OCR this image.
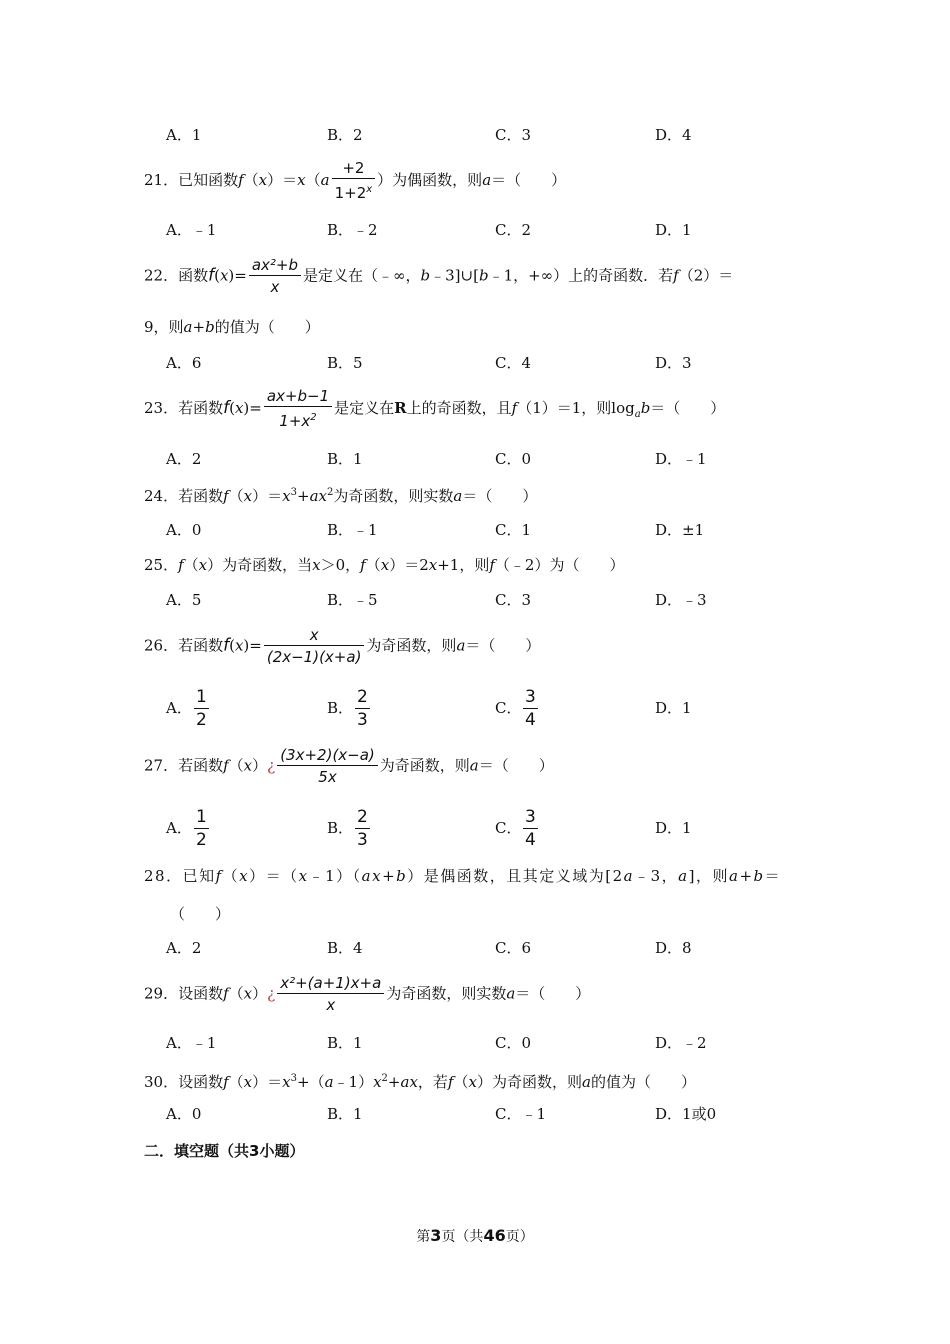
A．1	B．2	C．3	D．4
21．已知函数$f(x)=x(a \frac{+2}{1+2^x}$ ）为偶函数，则a＝（　　）
A．﹣1	B．﹣2	C．2	D．1
22．函数$f(x)= \frac{\text{ax²+b}}{x}$ 是定义在（﹣∞，b﹣3]∪[b﹣1，+∞）上的奇函数．若f（2）＝
9，则a+b的值为（　　）
A．6	B．5	C．4	D．3
23．若函数$f(x)= \frac{ax+b-1}{1+x^2}$ 是定义在R上的奇函数，且f（1）＝1，则$\log_ab=$（　　）
A．2	B．1	C．0	D．﹣1
24．若函数$f(x)=x^3+ax^2$为奇函数，则实数a＝（　　）
A．0	B．﹣1	C．1	D．±1
25．f（x）为奇函数，当x＞0，f（x）＝2x+1，则f（﹣2）为（　　）
A．5	B．﹣5	C．3	D．﹣3
26．若函数$f(x)= \frac{x}{(2x-1)(x+a)}$ 为奇函数，则a＝（　　）
A． $\frac{1}{2}$	B． $\frac{2}{3}$	C． $\frac{3}{4}$	D．1
27．若函数f（x）¿ $\frac{(3x+2)(x-a)}{5x}$ 为奇函数，则a＝（　　）
A． $\frac{1}{2}$	B． $\frac{2}{3}$	C． $\frac{3}{4}$	D．1
28．已知f（x）＝（x﹣1）（ax+b）是偶函数，且其定义域为[2a﹣3，a]，则a+b＝
（　　）
A．2	B．4	C．6	D．8
29．设函数f（x）¿ $\frac{\text{x²+(a+1)x+a}}{x}$ 为奇函数，则实数a＝（　　）
A．﹣1	B．1	C．0	D．﹣2
30．设函数$f(x)=x^3+(a﹣1)x^2+ax$，若f（x）为奇函数，则a的值为（　　）
A．0	B．1	C．﹣1	D．1或0
二．填空题（共3小题）
第3页（共46页）
